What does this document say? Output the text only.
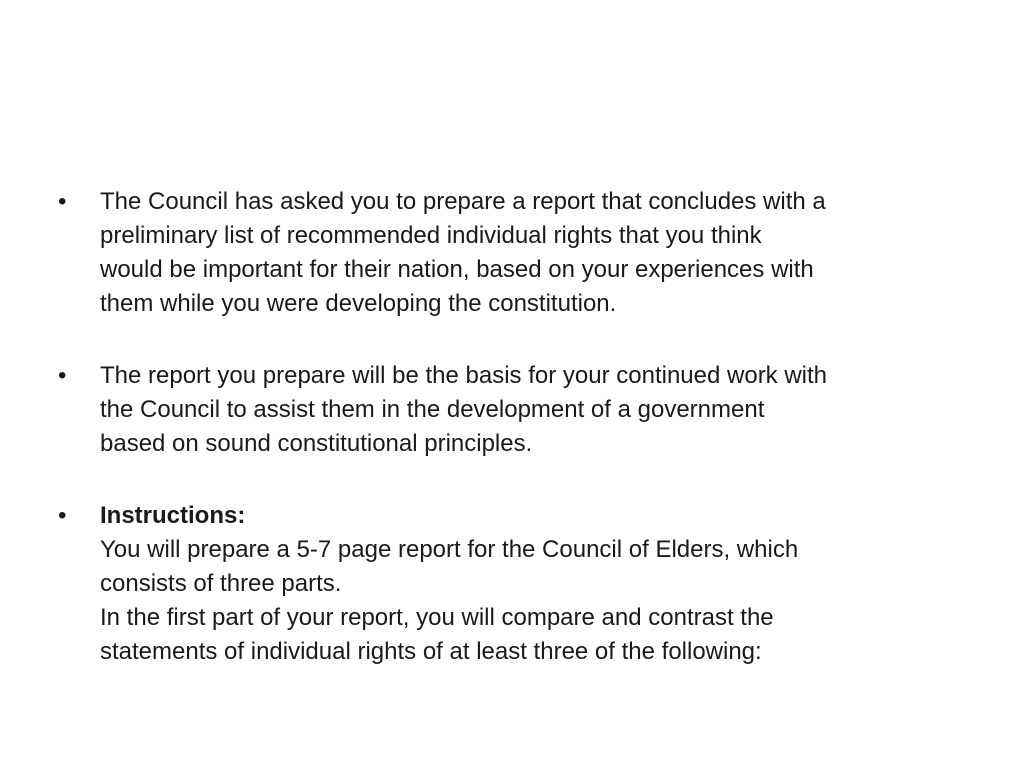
•	The Council has asked you to prepare a report that concludes with a
preliminary list of recommended individual rights that you think
would be important for their nation, based on your experiences with
them while you were developing the constitution.
•	The report you prepare will be the basis for your continued work with
the Council to assist them in the development of a government
based on sound constitutional principles.
•	Instructions:
You will prepare a 5-7 page report for the Council of Elders, which
consists of three parts.
In the first part of your report, you will compare and contrast the
statements of individual rights of at least three of the following:
